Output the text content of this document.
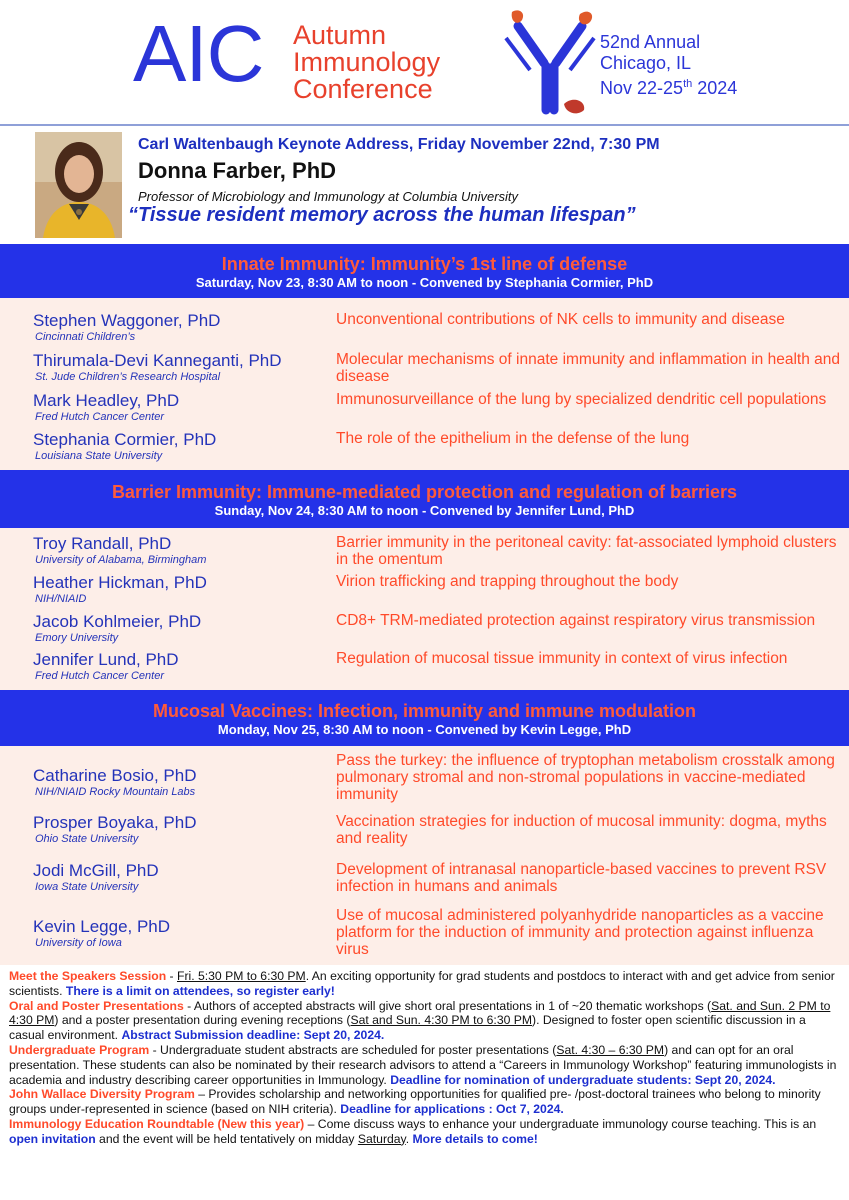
AIC Autumn
Immunology
Conference
52nd Annual
Chicago, IL
Nov 22-25th 2024
Carl Waltenbaugh Keynote Address, Friday November 22nd, 7:30 PM
Donna Farber, PhD
Professor of Microbiology and Immunology at Columbia University
“Tissue resident memory across the human lifespan”
Innate Immunity: Immunity’s 1st line of defense
Saturday, Nov 23, 8:30 AM to noon - Convened by Stephania Cormier, PhD
Stephen Waggoner, PhD
Cincinnati Children’s
Unconventional contributions of NK cells to immunity and disease
Thirumala-Devi Kanneganti, PhD
St. Jude Children’s Research Hospital
Molecular mechanisms of innate immunity and inflammation in health and disease
Mark Headley, PhD
Fred Hutch Cancer Center
Immunosurveillance of the lung by specialized dendritic cell populations
Stephania Cormier, PhD
Louisiana State University
The role of the epithelium in the defense of the lung
Barrier Immunity: Immune-mediated protection and regulation of barriers
Sunday, Nov 24, 8:30 AM to noon - Convened by Jennifer Lund, PhD
Troy Randall, PhD
University of Alabama, Birmingham
Barrier immunity in the peritoneal cavity: fat-associated lymphoid clusters in the omentum
Heather Hickman, PhD
NIH/NIAID
Virion trafficking and trapping throughout the body
Jacob Kohlmeier, PhD
Emory University
CD8+ TRM-mediated protection against respiratory virus transmission
Jennifer Lund, PhD
Fred Hutch Cancer Center
Regulation of mucosal tissue immunity in context of virus infection
Mucosal Vaccines: Infection, immunity and immune modulation
Monday, Nov 25, 8:30 AM to noon - Convened by Kevin Legge, PhD
Catharine Bosio, PhD
NIH/NIAID Rocky Mountain Labs
Pass the turkey: the influence of tryptophan metabolism crosstalk among pulmonary stromal and non-stromal populations in vaccine-mediated immunity
Prosper Boyaka, PhD
Ohio State University
Vaccination strategies for induction of mucosal immunity: dogma, myths and reality
Jodi McGill, PhD
Iowa State University
Development of intranasal nanoparticle-based vaccines to prevent RSV infection in humans and animals
Kevin Legge, PhD
University of Iowa
Use of mucosal administered polyanhydride nanoparticles as a vaccine platform for the induction of immunity and protection against influenza virus

Meet the Speakers Session - Fri. 5:30 PM to 6:30 PM. An exciting opportunity for grad students and postdocs to interact with and get advice from senior scientists. There is a limit on attendees, so register early!

Oral and Poster Presentations - Authors of accepted abstracts will give short oral presentations in 1 of ~20 thematic workshops (Sat. and Sun. 2 PM to 4:30 PM) and a poster presentation during evening receptions (Sat and Sun. 4:30 PM to 6:30 PM). Designed to foster open scientific discussion in a casual environment. Abstract Submission deadline: Sept 20, 2024.

Undergraduate Program - Undergraduate student abstracts are scheduled for poster presentations (Sat. 4:30 – 6:30 PM) and can opt for an oral presentation. These students can also be nominated by their research advisors to attend a “Careers in Immunology Workshop” featuring immunologists in academia and industry describing career opportunities in Immunology. Deadline for nomination of undergraduate students: Sept 20, 2024.

John Wallace Diversity Program – Provides scholarship and networking opportunities for qualified pre- /post-doctoral trainees who belong to minority groups under-represented in science (based on NIH criteria). Deadline for applications : Oct 7, 2024.

Immunology Education Roundtable (New this year) – Come discuss ways to enhance your undergraduate immunology course teaching. This is an open invitation and the event will be held tentatively on midday Saturday. More details to come!
